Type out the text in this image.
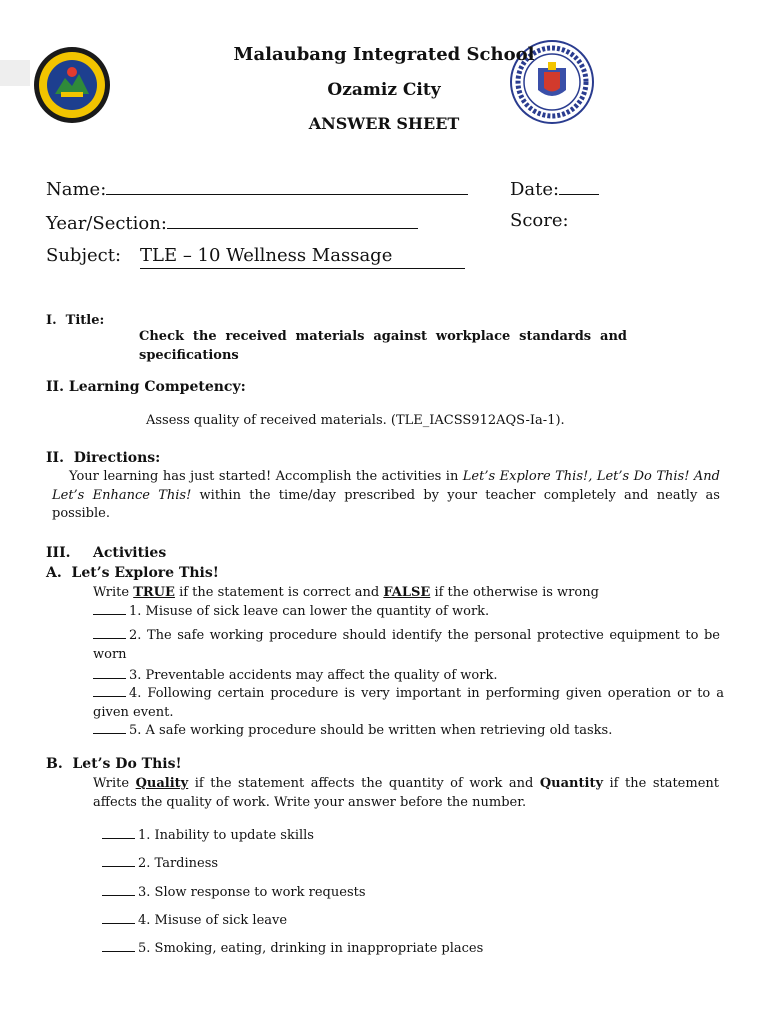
Malaubang Integrated School
Ozamiz City
ANSWER SHEET
Name:	Date:
Year/Section:	Score:
Subject: TLE – 10 Wellness Massage
I.  Title:
Check the received materials against workplace standards and specifications
II. Learning Competency:
Assess quality of received materials. (TLE_IACSS912AQS-Ia-1).
II.  Directions:
Your learning has just started! Accomplish the activities in Let’s Explore This!, Let’s Do This! And Let’s Enhance This! within the time/day prescribed by your teacher completely and neatly as possible.
III. Activities
A.  Let’s Explore This!
Write TRUE if the statement is correct and FALSE if the otherwise is wrong
1. Misuse of sick leave can lower the quantity of work.
2. The safe working procedure should identify the personal protective equipment to be worn
3. Preventable accidents may affect the quality of work.
4. Following certain procedure is very important in performing given operation or to a given event.
5. A safe working procedure should be written when retrieving old tasks.
B.  Let’s Do This!
Write Quality if the statement affects the quantity of work and Quantity if the statement affects the quality of work. Write your answer before the number.
1. Inability to update skills
2. Tardiness
3. Slow response to work requests
4. Misuse of sick leave
5. Smoking, eating, drinking in inappropriate places
